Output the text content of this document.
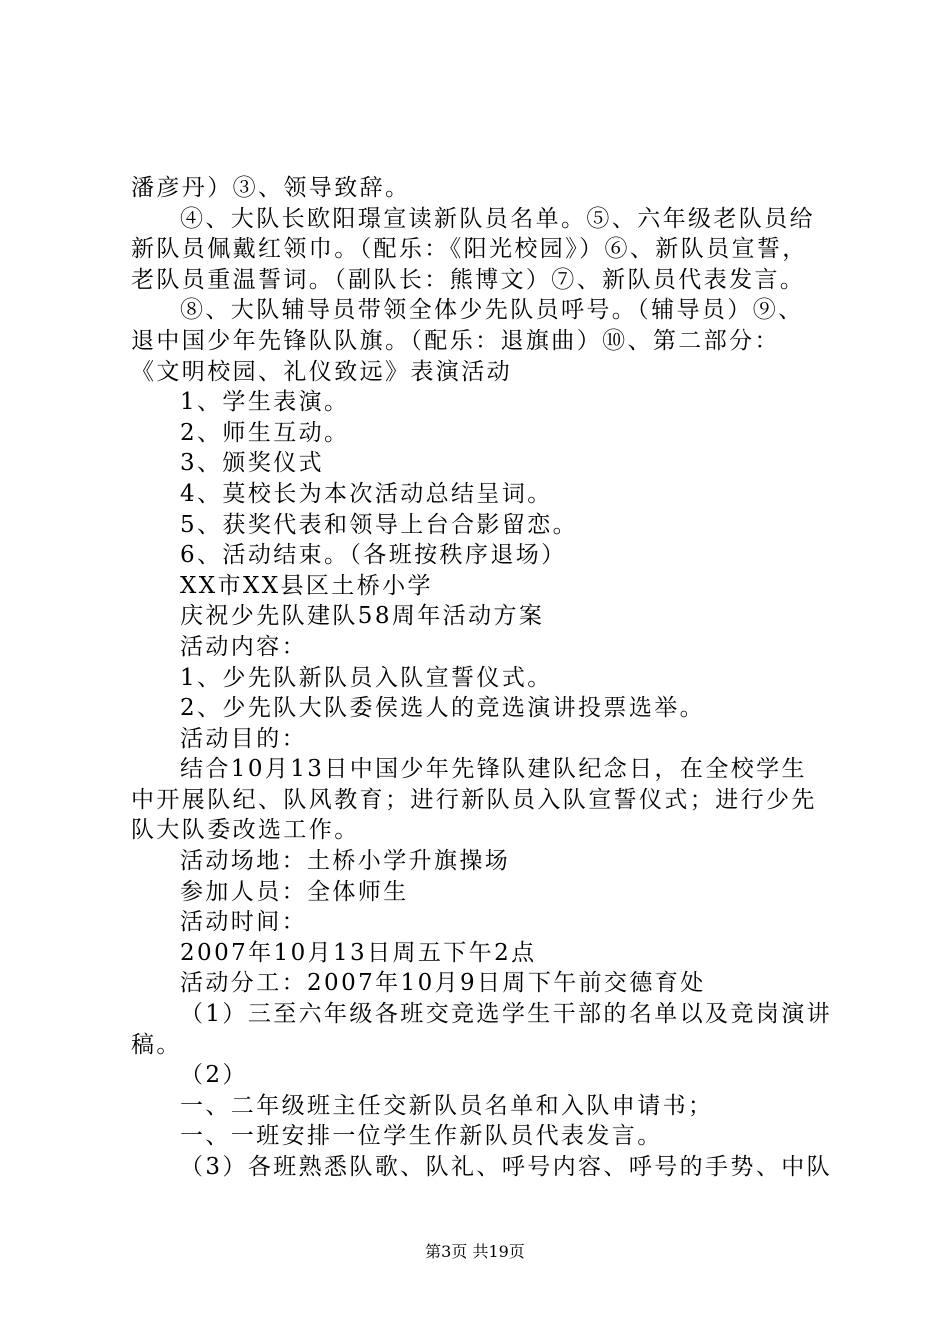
潘彦丹）③、领导致辞。
④、大队长欧阳璟宣读新队员名单。⑤、六年级老队员给
新队员佩戴红领巾。（配乐：《阳光校园》）⑥、新队员宣誓，
老队员重温誓词。（副队长：熊博文）⑦、新队员代表发言。
⑧、大队辅导员带领全体少先队员呼号。（辅导员）⑨、
退中国少年先锋队队旗。（配乐：退旗曲）⑩、第二部分：
《文明校园、礼仪致远》表演活动
1、学生表演。
2、师生互动。
3、颁奖仪式
4、莫校长为本次活动总结呈词。
5、获奖代表和领导上台合影留恋。
6、活动结束。（各班按秩序退场）
XX市XX县区土桥小学
庆祝少先队建队58周年活动方案
活动内容：
1、少先队新队员入队宣誓仪式。
2、少先队大队委侯选人的竞选演讲投票选举。
活动目的：
结合10月13日中国少年先锋队建队纪念日，在全校学生
中开展队纪、队风教育；进行新队员入队宣誓仪式；进行少先
队大队委改选工作。
活动场地：土桥小学升旗操场
参加人员：全体师生
活动时间：
2007年10月13日周五下午2点
活动分工：2007年10月9日周下午前交德育处
（1）三至六年级各班交竞选学生干部的名单以及竞岗演讲
稿。
（2）
一、二年级班主任交新队员名单和入队申请书；
一、一班安排一位学生作新队员代表发言。
（3）各班熟悉队歌、队礼、呼号内容、呼号的手势、中队
第3页 共19页
